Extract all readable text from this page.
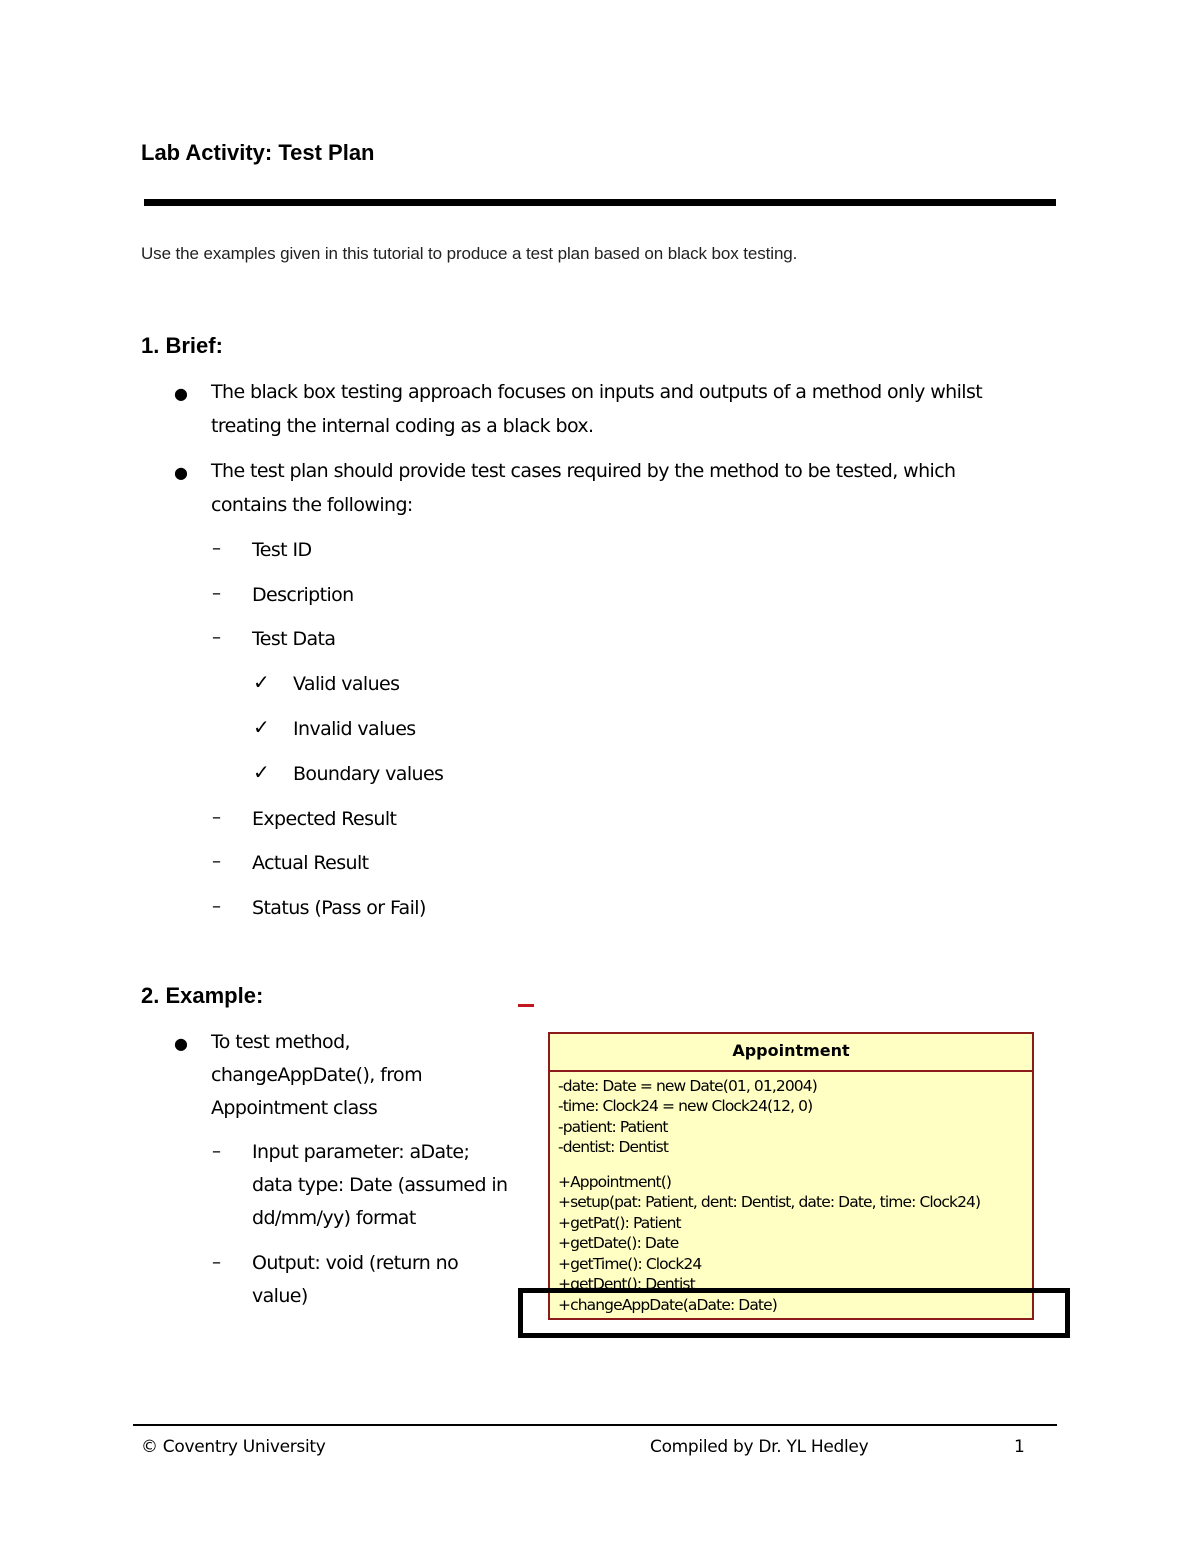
Lab Activity: Test Plan
Use the examples given in this tutorial to produce a test plan based on black box testing.
1. Brief:
● The black box testing approach focuses on inputs and outputs of a method only whilst
treating the internal coding as a black box.
● The test plan should provide test cases required by the method to be tested, which
contains the following:
– Test ID
– Description
– Test Data
✓ Valid values
✓ Invalid values
✓ Boundary values
– Expected Result
– Actual Result
– Status (Pass or Fail)
2. Example:
● To test method,
changeAppDate(), from
Appointment class
– Input parameter: aDate;
data type: Date (assumed in
dd/mm/yy) format
– Output: void (return no
value)
Appointment
-date: Date = new Date(01, 01,2004)
-time: Clock24 = new Clock24(12, 0)
-patient: Patient
-dentist: Dentist
+Appointment()
+setup(pat: Patient, dent: Dentist, date: Date, time: Clock24)
+getPat(): Patient
+getDate(): Date
+getTime(): Clock24
+getDent(): Dentist
+changeAppDate(aDate: Date)
© Coventry University	Compiled by Dr. YL Hedley	1
